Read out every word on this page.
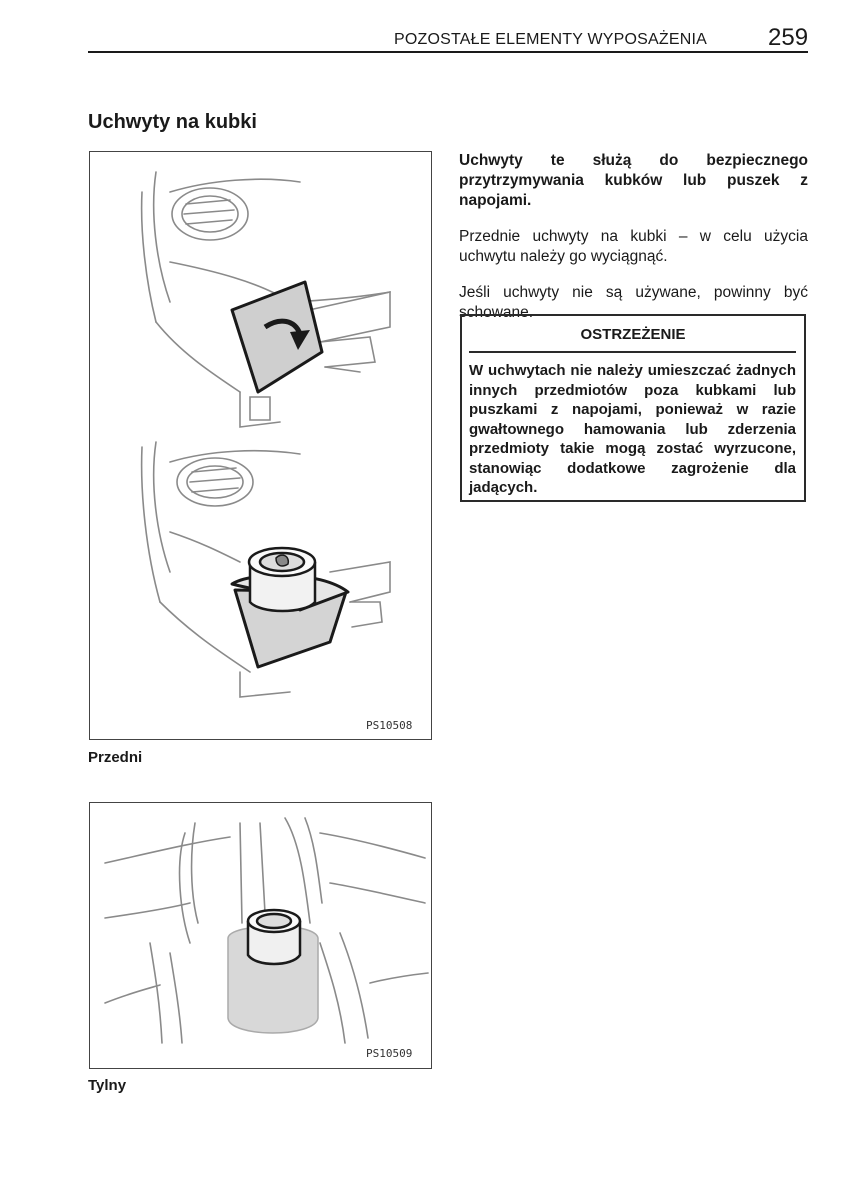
POZOSTAŁE ELEMENTY WYPOSAŻENIA	259
Uchwyty na kubki
PS10508
Przedni
PS10509
Tylny

Uchwyty te służą do bezpiecznego przytrzymywania kubków lub puszek z napojami.

Przednie uchwyty na kubki – w celu użycia uchwytu należy go wyciągnąć.

Jeśli uchwyty nie są używane, powinny być schowane.

OSTRZEŻENIE
W uchwytach nie należy umieszczać żadnych innych przedmiotów poza kubkami lub puszkami z napojami, ponieważ w razie gwałtownego hamowania lub zderzenia przedmioty takie mogą zostać wyrzucone, stanowiąc dodatkowe zagrożenie dla jadących.
